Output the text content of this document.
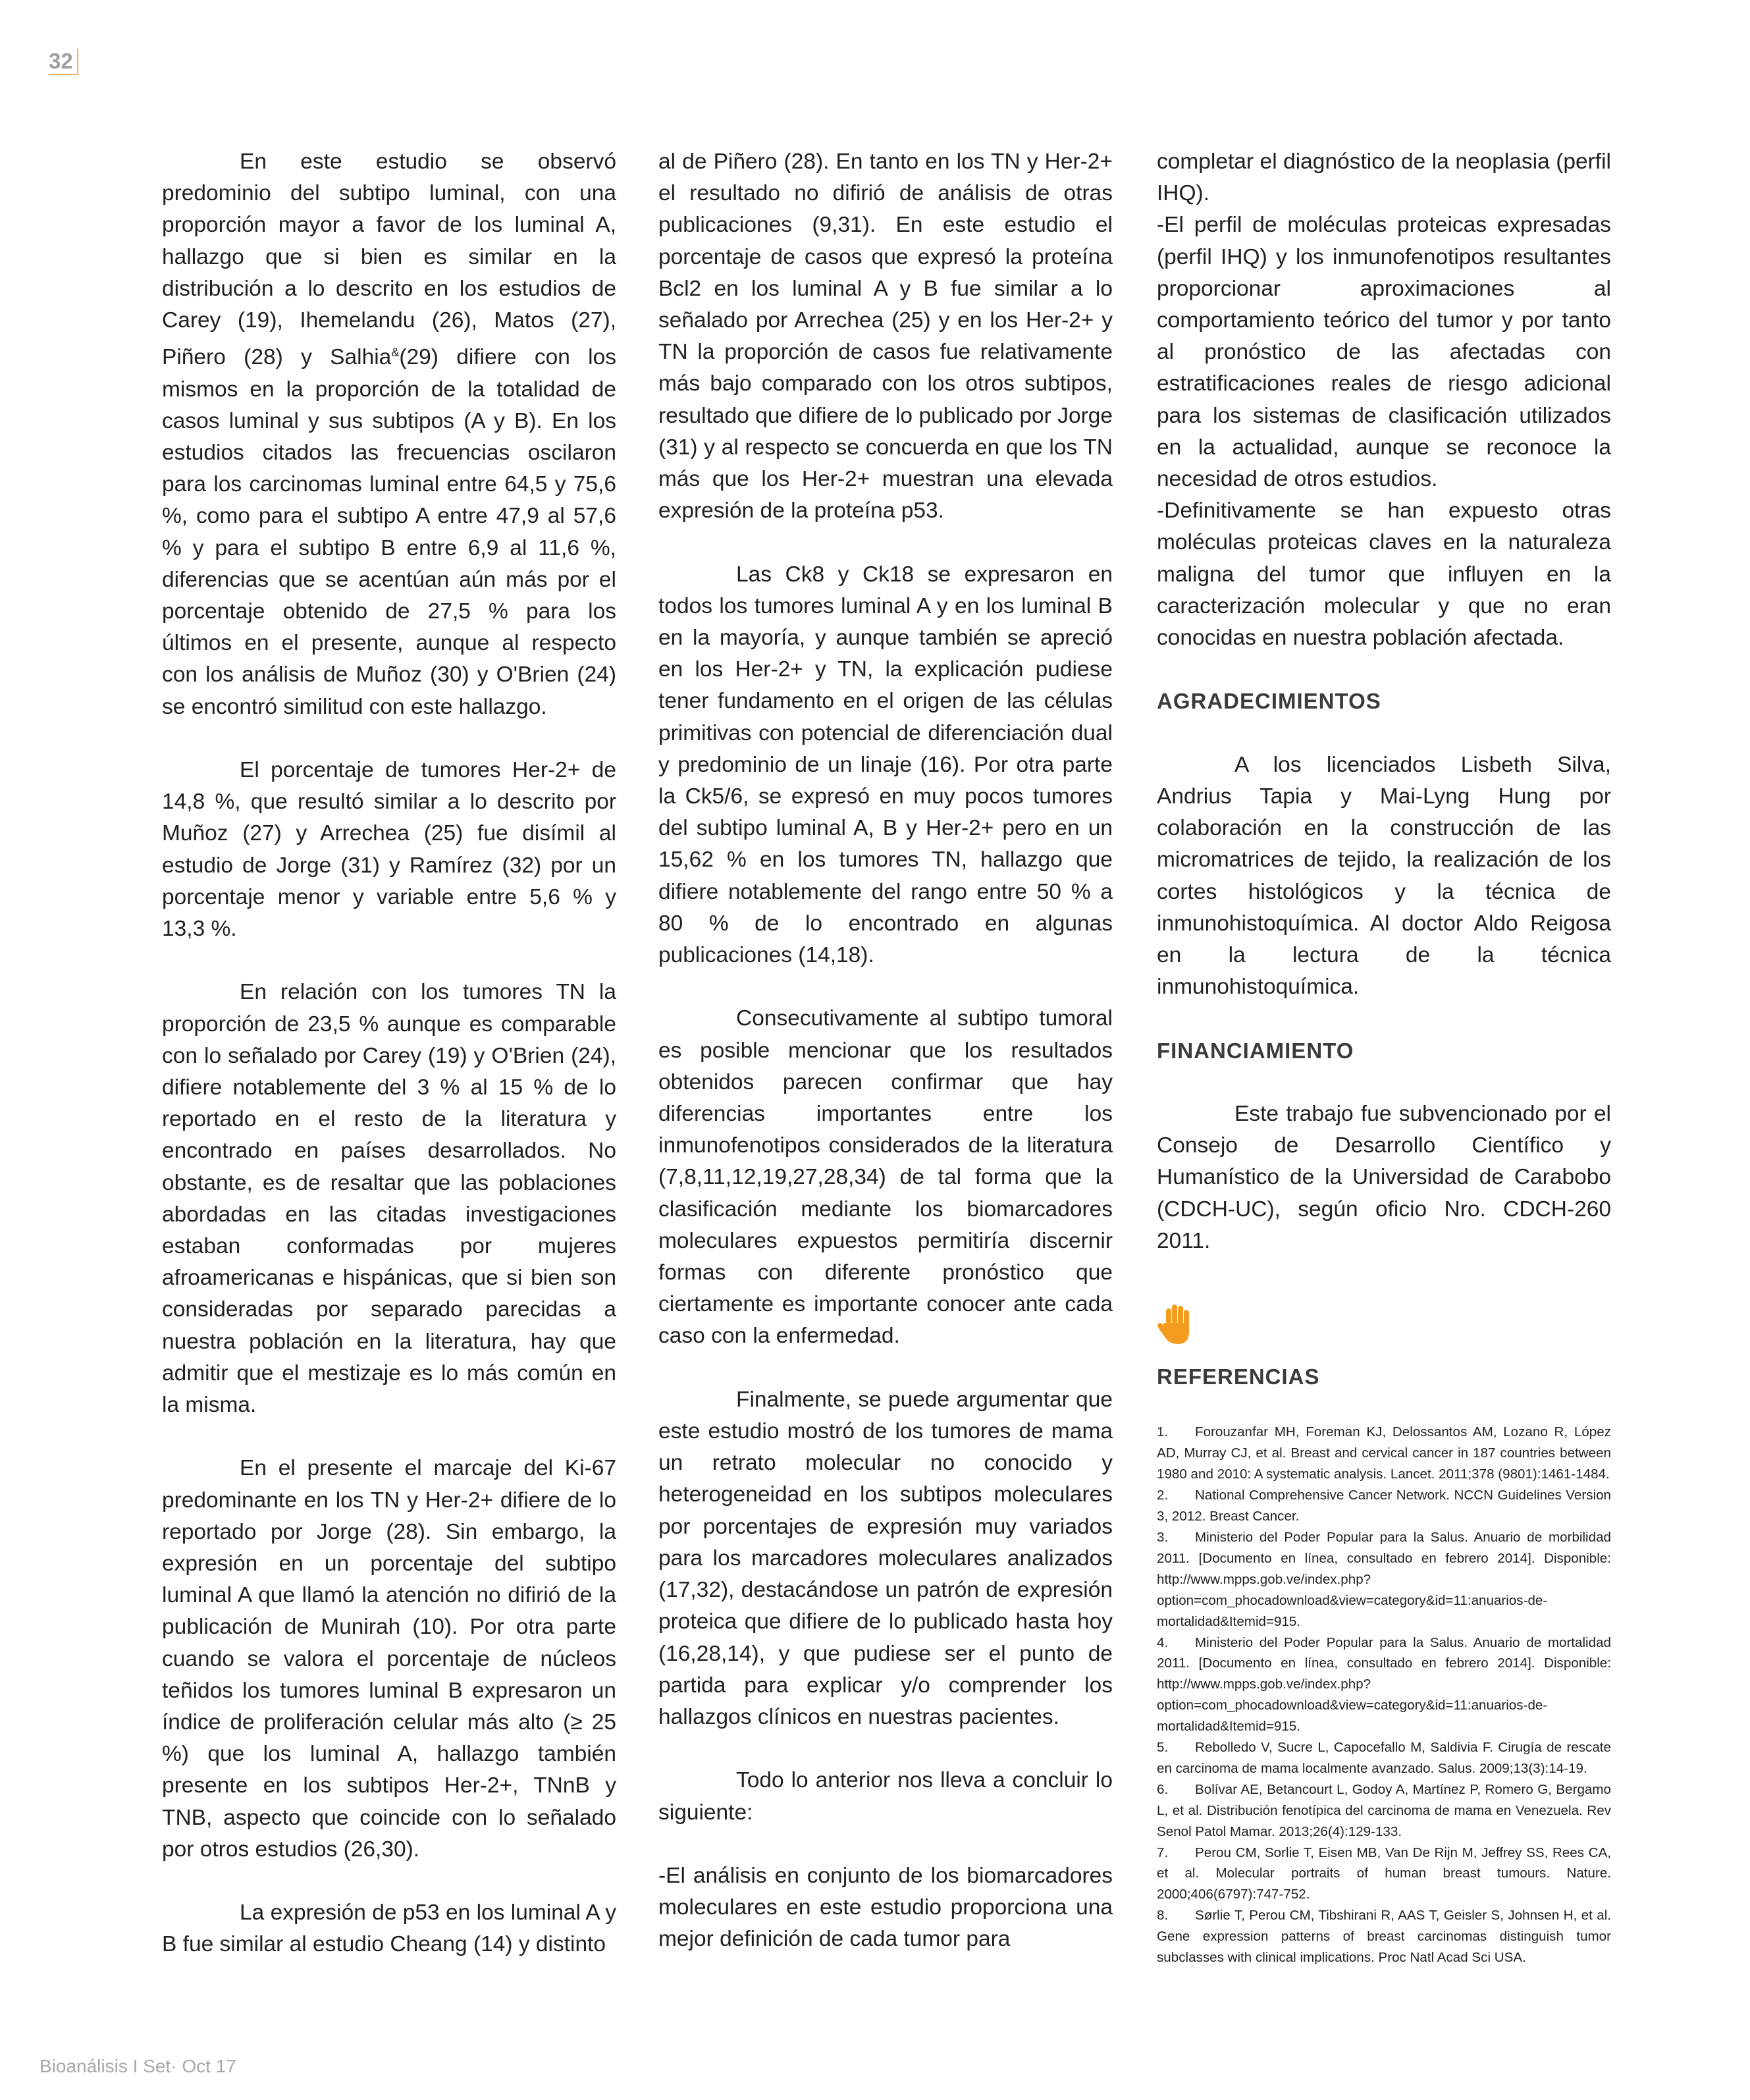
32

En este estudio se observó predominio del subtipo luminal, con una proporción mayor a favor de los luminal A, hallazgo que si bien es similar en la distribución a lo descrito en los estudios de Carey (19), Ihemelandu (26), Matos (27), Piñero (28) y Salhia&(29) difiere con los mismos en la proporción de la totalidad de casos luminal y sus subtipos (A y B). En los estudios citados las frecuencias oscilaron para los carcinomas luminal entre 64,5 y 75,6 %, como para el subtipo A entre 47,9 al 57,6 % y para el subtipo B entre 6,9 al 11,6 %, diferencias que se acentúan aún más por el porcentaje obtenido de 27,5 % para los últimos en el presente, aunque al respecto con los análisis de Muñoz (30) y O'Brien (24) se encontró similitud con este hallazgo.

El porcentaje de tumores Her-2+ de 14,8 %, que resultó similar a lo descrito por Muñoz (27) y Arrechea (25) fue disímil al estudio de Jorge (31) y Ramírez (32) por un porcentaje menor y variable entre 5,6 % y 13,3 %.

En relación con los tumores TN la proporción de 23,5 % aunque es comparable con lo señalado por Carey (19) y O'Brien (24), difiere notablemente del 3 % al 15 % de lo reportado en el resto de la literatura y encontrado en países desarrollados. No obstante, es de resaltar que las poblaciones abordadas en las citadas investigaciones estaban conformadas por mujeres afroamericanas e hispánicas, que si bien son consideradas por separado parecidas a nuestra población en la literatura, hay que admitir que el mestizaje es lo más común en la misma.

En el presente el marcaje del Ki-67 predominante en los TN y Her-2+ difiere de lo reportado por Jorge (28). Sin embargo, la expresión en un porcentaje del subtipo luminal A que llamó la atención no difirió de la publicación de Munirah (10). Por otra parte cuando se valora el porcentaje de núcleos teñidos los tumores luminal B expresaron un índice de proliferación celular más alto (≥ 25 %) que los luminal A, hallazgo también presente en los subtipos Her-2+, TNnB y TNB, aspecto que coincide con lo señalado por otros estudios (26,30).

La expresión de p53 en los luminal A y B fue similar al estudio Cheang (14) y distinto

al de Piñero (28). En tanto en los TN y Her-2+ el resultado no difirió de análisis de otras publicaciones (9,31). En este estudio el porcentaje de casos que expresó la proteína Bcl2 en los luminal A y B fue similar a lo señalado por Arrechea (25) y en los Her-2+ y TN la proporción de casos fue relativamente más bajo comparado con los otros subtipos, resultado que difiere de lo publicado por Jorge (31) y al respecto se concuerda en que los TN más que los Her-2+ muestran una elevada expresión de la proteína p53.

Las Ck8 y Ck18 se expresaron en todos los tumores luminal A y en los luminal B en la mayoría, y aunque también se apreció en los Her-2+ y TN, la explicación pudiese tener fundamento en el origen de las células primitivas con potencial de diferenciación dual y predominio de un linaje (16). Por otra parte la Ck5/6, se expresó en muy pocos tumores del subtipo luminal A, B y Her-2+ pero en un 15,62 % en los tumores TN, hallazgo que difiere notablemente del rango entre 50 % a 80 % de lo encontrado en algunas publicaciones (14,18).

Consecutivamente al subtipo tumoral es posible mencionar que los resultados obtenidos parecen confirmar que hay diferencias importantes entre los inmunofenotipos considerados de la literatura (7,8,11,12,19,27,28,34) de tal forma que la clasificación mediante los biomarcadores moleculares expuestos permitiría discernir formas con diferente pronóstico que ciertamente es importante conocer ante cada caso con la enfermedad.

Finalmente, se puede argumentar que este estudio mostró de los tumores de mama un retrato molecular no conocido y heterogeneidad en los subtipos moleculares por porcentajes de expresión muy variados para los marcadores moleculares analizados (17,32), destacándose un patrón de expresión proteica que difiere de lo publicado hasta hoy (16,28,14), y que pudiese ser el punto de partida para explicar y/o comprender los hallazgos clínicos en nuestras pacientes.

Todo lo anterior nos lleva a concluir lo siguiente:

-El análisis en conjunto de los biomarcadores moleculares en este estudio proporciona una mejor definición de cada tumor para

completar el diagnóstico de la neoplasia (perfil IHQ).

-El perfil de moléculas proteicas expresadas (perfil IHQ) y los inmunofenotipos resultantes proporcionar aproximaciones al comportamiento teórico del tumor y por tanto al pronóstico de las afectadas con estratificaciones reales de riesgo adicional para los sistemas de clasificación utilizados en la actualidad, aunque se reconoce la necesidad de otros estudios.

-Definitivamente se han expuesto otras moléculas proteicas claves en la naturaleza maligna del tumor que influyen en la caracterización molecular y que no eran conocidas en nuestra población afectada.

AGRADECIMIENTOS

A los licenciados Lisbeth Silva, Andrius Tapia y Mai-Lyng Hung por colaboración en la construcción de las micromatrices de tejido, la realización de los cortes histológicos y la técnica de inmunohistoquímica. Al doctor Aldo Reigosa en la lectura de la técnica inmunohistoquímica.

FINANCIAMIENTO

Este trabajo fue subvencionado por el Consejo de Desarrollo Científico y Humanístico de la Universidad de Carabobo (CDCH-UC), según oficio Nro. CDCH-260 2011.

REFERENCIAS

1. Forouzanfar MH, Foreman KJ, Delossantos AM, Lozano R, López AD, Murray CJ, et al. Breast and cervical cancer in 187 countries between 1980 and 2010: A systematic analysis. Lancet. 2011;378 (9801):1461-1484.

2. National Comprehensive Cancer Network. NCCN Guidelines Version 3, 2012. Breast Cancer.

3. Ministerio del Poder Popular para la Salus. Anuario de morbilidad 2011. [Documento en línea, consultado en febrero 2014]. Disponible: http://www.mpps.gob.ve/index.php?option=com_phocadownload&view=category&id=11:anuarios-de-mortalidad&Itemid=915.

4. Ministerio del Poder Popular para la Salus. Anuario de mortalidad 2011. [Documento en línea, consultado en febrero 2014]. Disponible: http://www.mpps.gob.ve/index.php?option=com_phocadownload&view=category&id=11:anuarios-de-mortalidad&Itemid=915.

5. Rebolledo V, Sucre L, Capocefallo M, Saldivia F. Cirugía de rescate en carcinoma de mama localmente avanzado. Salus. 2009;13(3):14-19.

6. Bolívar AE, Betancourt L, Godoy A, Martínez P, Romero G, Bergamo L, et al. Distribución fenotípica del carcinoma de mama en Venezuela. Rev Senol Patol Mamar. 2013;26(4):129-133.

7. Perou CM, Sorlie T, Eisen MB, Van De Rijn M, Jeffrey SS, Rees CA, et al. Molecular portraits of human breast tumours. Nature. 2000;406(6797):747-752.

8. Sørlie T, Perou CM, Tibshirani R, AAS T, Geisler S, Johnsen H, et al. Gene expression patterns of breast carcinomas distinguish tumor subclasses with clinical implications. Proc Natl Acad Sci USA.

Bioanálisis I Set· Oct 17
